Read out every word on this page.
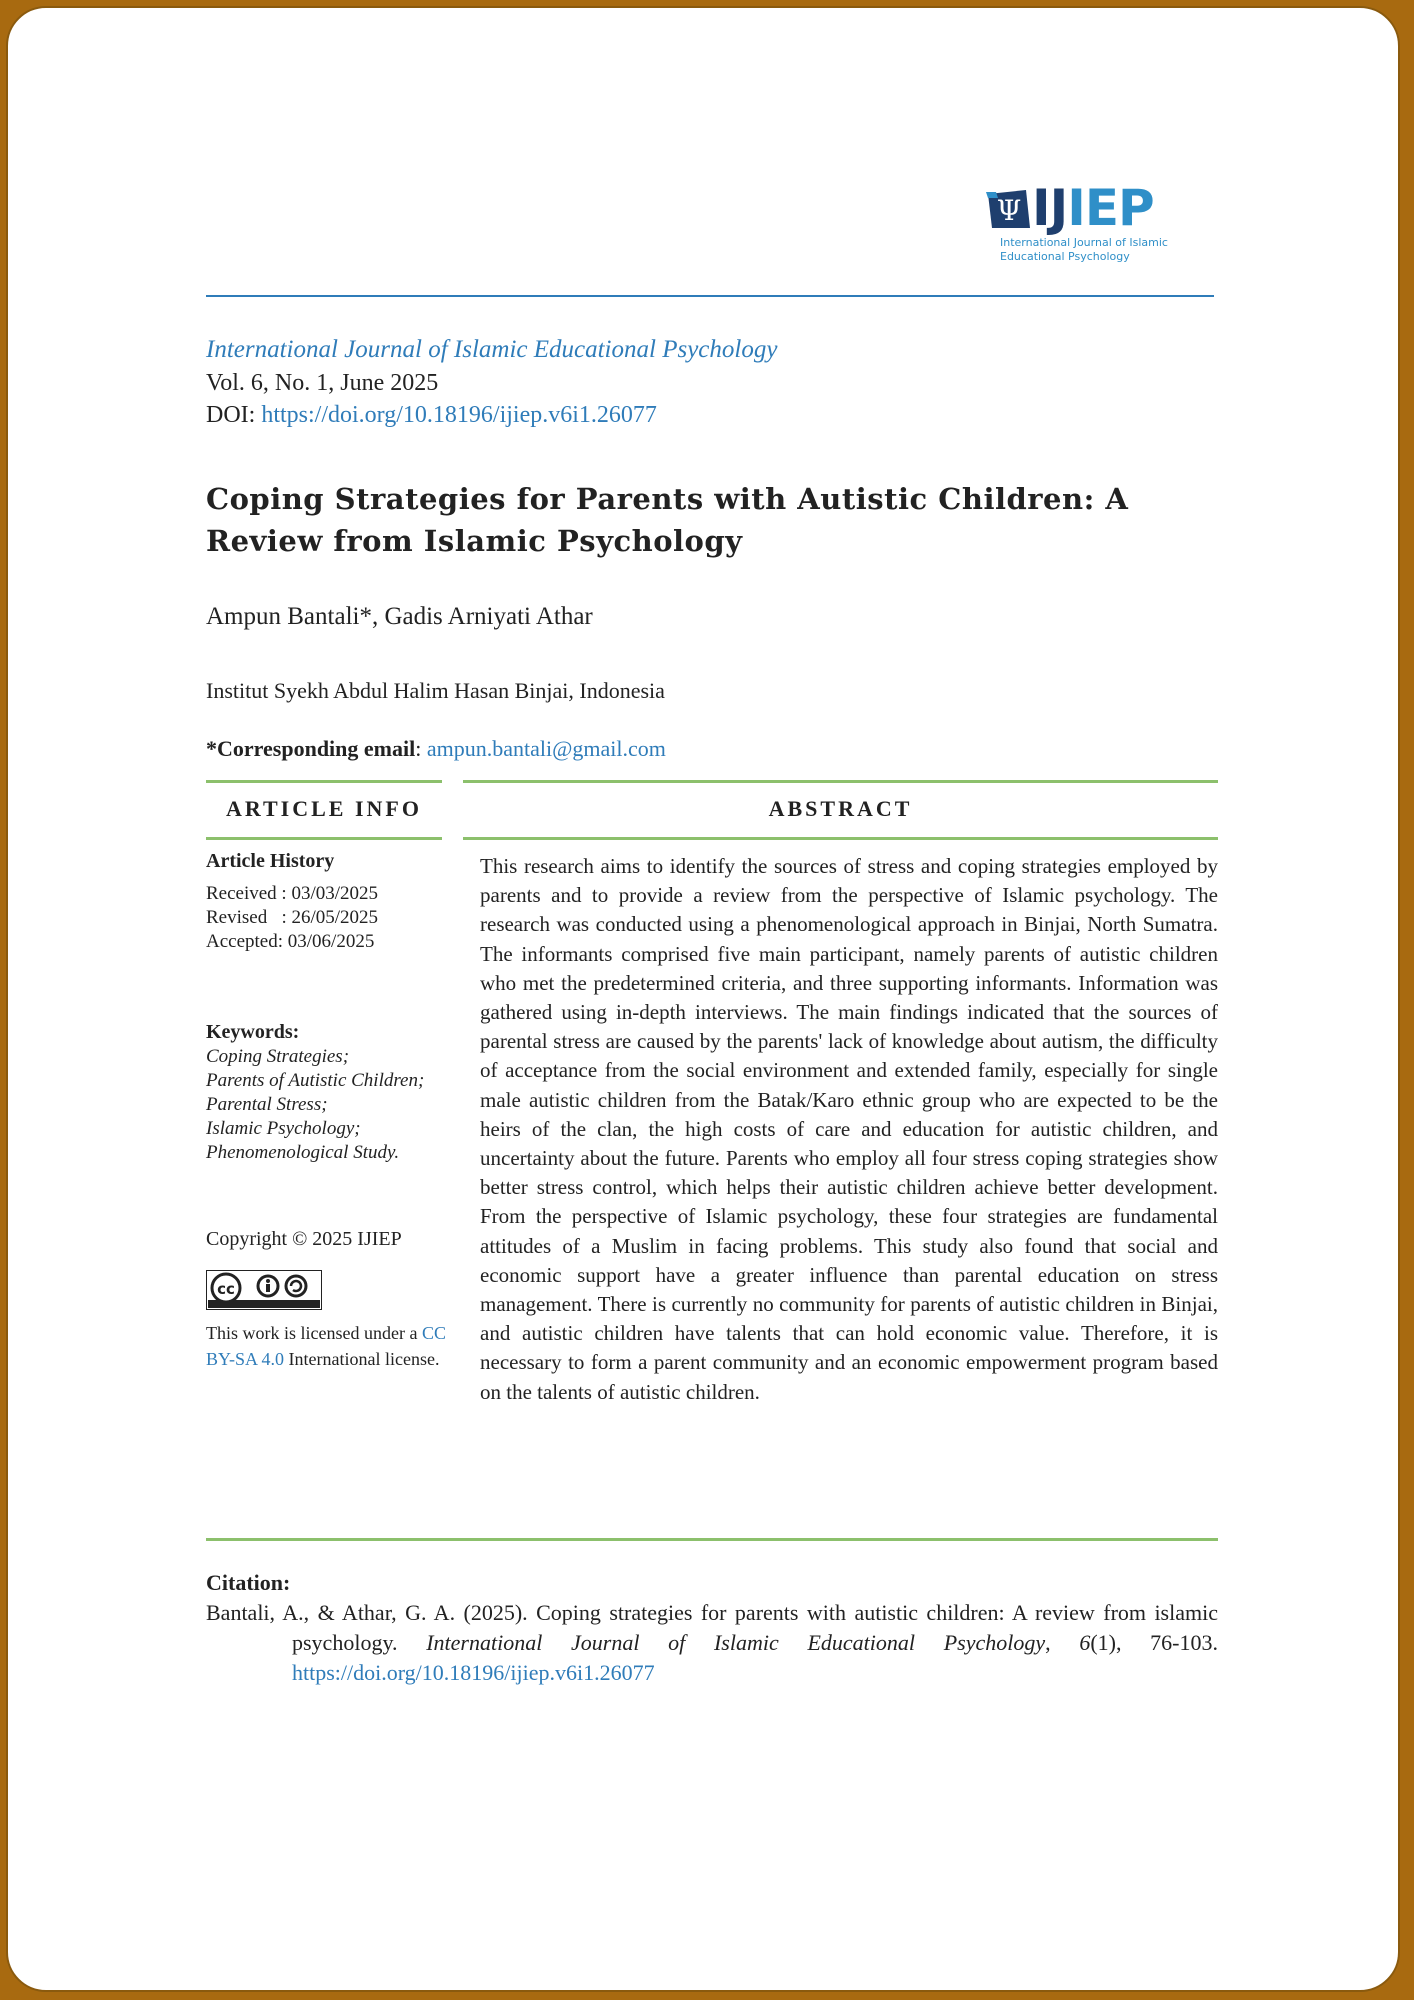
Ψ IJIEP
International Journal of Islamic
Educational Psychology
International Journal of Islamic Educational Psychology
Vol. 6, No. 1, June 2025
DOI: https://doi.org/10.18196/ijiep.v6i1.26077
Coping Strategies for Parents with Autistic Children: A Review from Islamic Psychology
Ampun Bantali*, Gadis Arniyati Athar
Institut Syekh Abdul Halim Hasan Binjai, Indonesia
*Corresponding email: ampun.bantali@gmail.com
ARTICLE INFO	ABSTRACT
Article History
Received : 03/03/2025
Revised   : 26/05/2025
Accepted: 03/06/2025
Keywords:
Coping Strategies;
Parents of Autistic Children;
Parental Stress;
Islamic Psychology;
Phenomenological Study.
Copyright © 2025 IJIEP
cc
This work is licensed under a CC BY-SA 4.0 International license.
This research aims to identify the sources of stress and coping strategies employed by parents and to provide a review from the perspective of Islamic psychology. The research was conducted using a phenomenological approach in Binjai, North Sumatra. The informants comprised five main participant, namely parents of autistic children who met the predetermined criteria, and three supporting informants. Information was gathered using in-depth interviews. The main findings indicated that the sources of parental stress are caused by the parents' lack of knowledge about autism, the difficulty of acceptance from the social environment and extended family, especially for single male autistic children from the Batak/Karo ethnic group who are expected to be the heirs of the clan, the high costs of care and education for autistic children, and uncertainty about the future. Parents who employ all four stress coping strategies show better stress control, which helps their autistic children achieve better development. From the perspective of Islamic psychology, these four strategies are fundamental attitudes of a Muslim in facing problems. This study also found that social and economic support have a greater influence than parental education on stress management. There is currently no community for parents of autistic children in Binjai, and autistic children have talents that can hold economic value. Therefore, it is necessary to form a parent community and an economic empowerment program based on the talents of autistic children.
Citation:
Bantali, A., & Athar, G. A. (2025). Coping strategies for parents with autistic children: A review from islamic psychology. International Journal of Islamic Educational Psychology, 6(1), 76-103. https://doi.org/10.18196/ijiep.v6i1.26077
